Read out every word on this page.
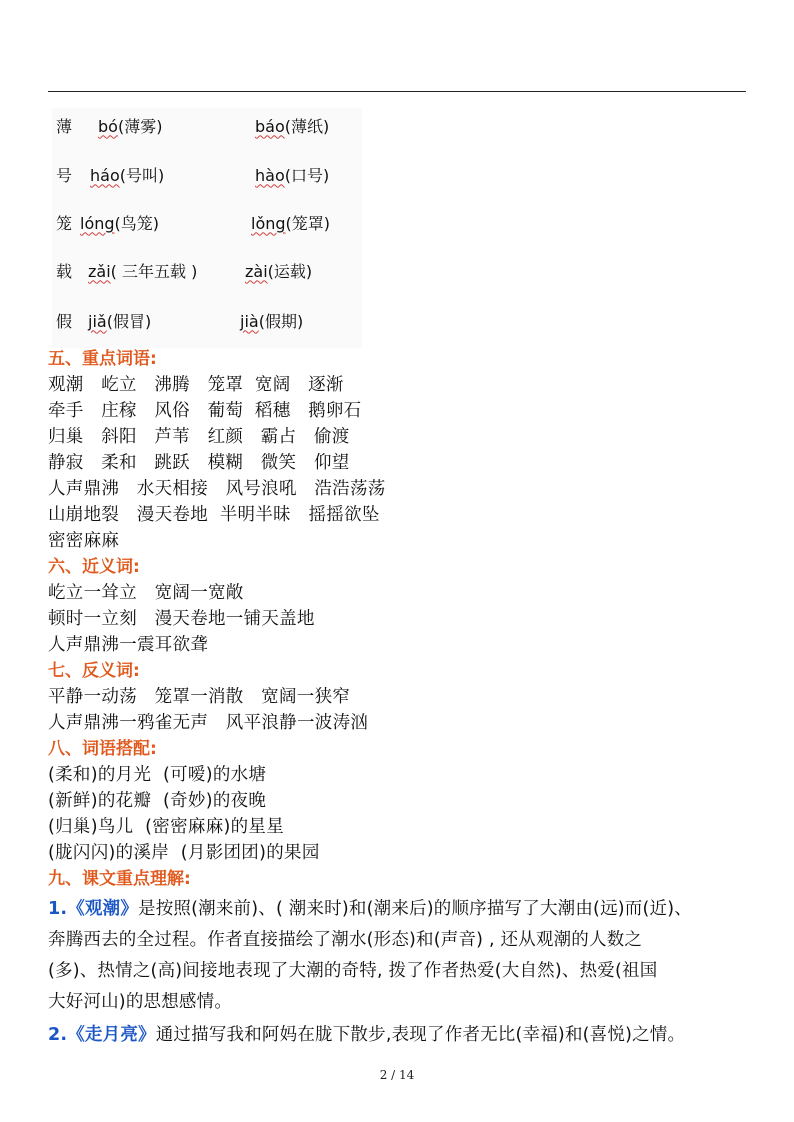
薄 bó(薄雾)	báo(薄纸)
号 háo(号叫)	hào(口号)
笼 lóng(鸟笼)	lǒng(笼罩)
载 zǎi( 三年五载 )	zài(运载)
假 jiǎ(假冒)	jià(假期)
五、重点词语:
观潮   屹立   沸腾   笼罩  宽阔   逐渐
牵手   庄稼   风俗   葡萄  稻穗   鹅卵石
归巢   斜阳   芦苇   红颜   霸占   偷渡
静寂   柔和   跳跃   模糊   微笑   仰望
人声鼎沸   水天相接   风号浪吼   浩浩荡荡
山崩地裂   漫天卷地  半明半昧   摇摇欲坠
密密麻麻
六、近义词:
屹立一耸立   宽阔一宽敞
顿时一立刻   漫天卷地一铺天盖地
人声鼎沸一震耳欲聋
七、反义词:
平静一动荡   笼罩一消散   宽阔一狭窄
人声鼎沸一鸦雀无声   风平浪静一波涛汹
八、词语搭配:
(柔和)的月光  (可嗳)的水塘
(新鲜)的花瓣  (奇妙)的夜晚
(归巢)鸟儿  (密密麻麻)的星星
(胧闪闪)的溪岸  (月影团团)的果园
九、课文重点理解:
1.《观潮》是按照(潮来前)、( 潮来时)和(潮来后)的顺序描写了大潮由(远)而(近)、
奔腾西去的全过程。作者直接描绘了潮水(形态)和(声音) , 还从观潮的人数之
(多)、热情之(高)间接地表现了大潮的奇特, 拨了作者热爱(大自然)、热爱(祖国
大好河山)的思想感情。
2.《走月亮》通过描写我和阿妈在胧下散步,表现了作者无比(幸福)和(喜悦)之情。
2 / 14
